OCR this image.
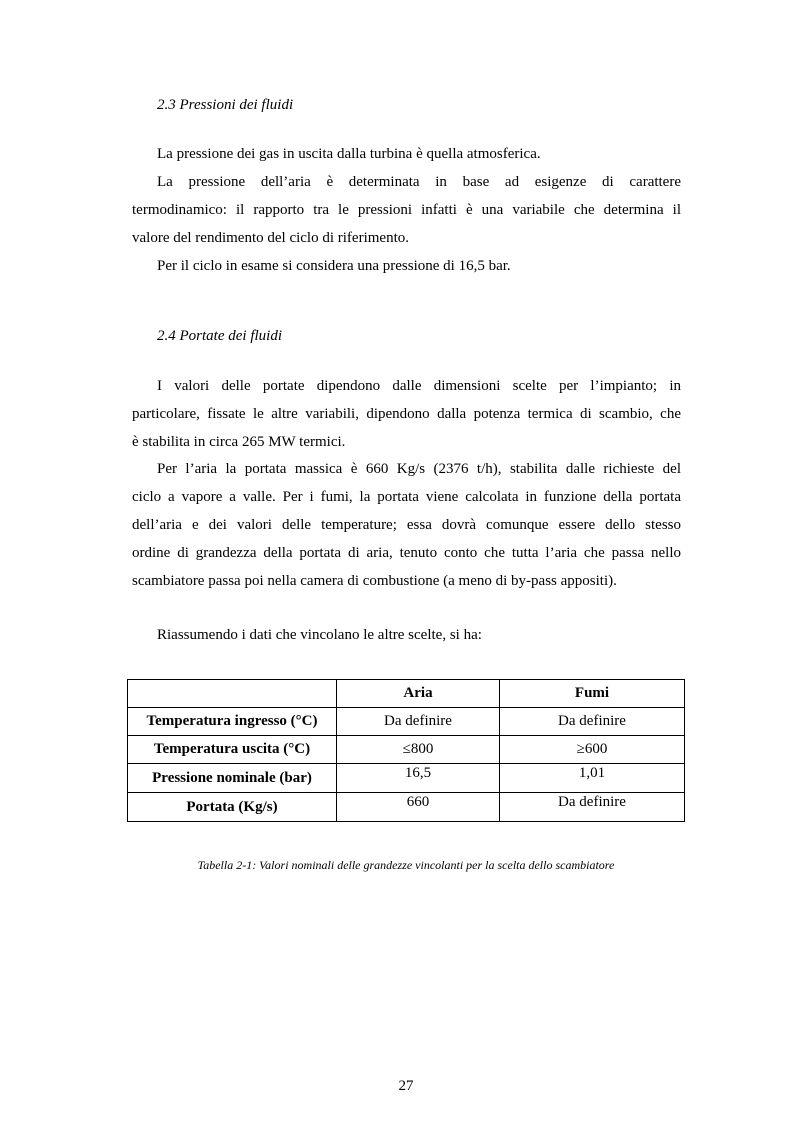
2.3 Pressioni dei fluidi

La pressione dei gas in uscita dalla turbina è quella atmosferica.

La pressione dell’aria è determinata in base ad esigenze di carattere

termodinamico: il rapporto tra le pressioni infatti è una variabile che determina il

valore del rendimento del ciclo di riferimento.

Per il ciclo in esame si considera una pressione di 16,5 bar.

2.4 Portate dei fluidi

I valori delle portate dipendono dalle dimensioni scelte per l’impianto; in

particolare, fissate le altre variabili, dipendono dalla potenza termica di scambio, che

è stabilita in circa 265 MW termici.

Per l’aria la portata massica è 660 Kg/s (2376 t/h), stabilita dalle richieste del

ciclo a vapore a valle. Per i fumi, la portata viene calcolata in funzione della portata

dell’aria e dei valori delle temperature; essa dovrà comunque essere dello stesso

ordine di grandezza della portata di aria, tenuto conto che tutta l’aria che passa nello

scambiatore passa poi nella camera di combustione (a meno di by-pass appositi).

Riassumendo i dati che vincolano le altre scelte, si ha:

	Aria	Fumi
Temperatura ingresso (°C)	Da definire	Da definire
Temperatura uscita (°C)	≤800	≥600
Pressione nominale (bar)	16,5	1,01
Portata (Kg/s)	660	Da definire
Tabella 2-1: Valori nominali delle grandezze vincolanti per la scelta dello scambiatore
27
